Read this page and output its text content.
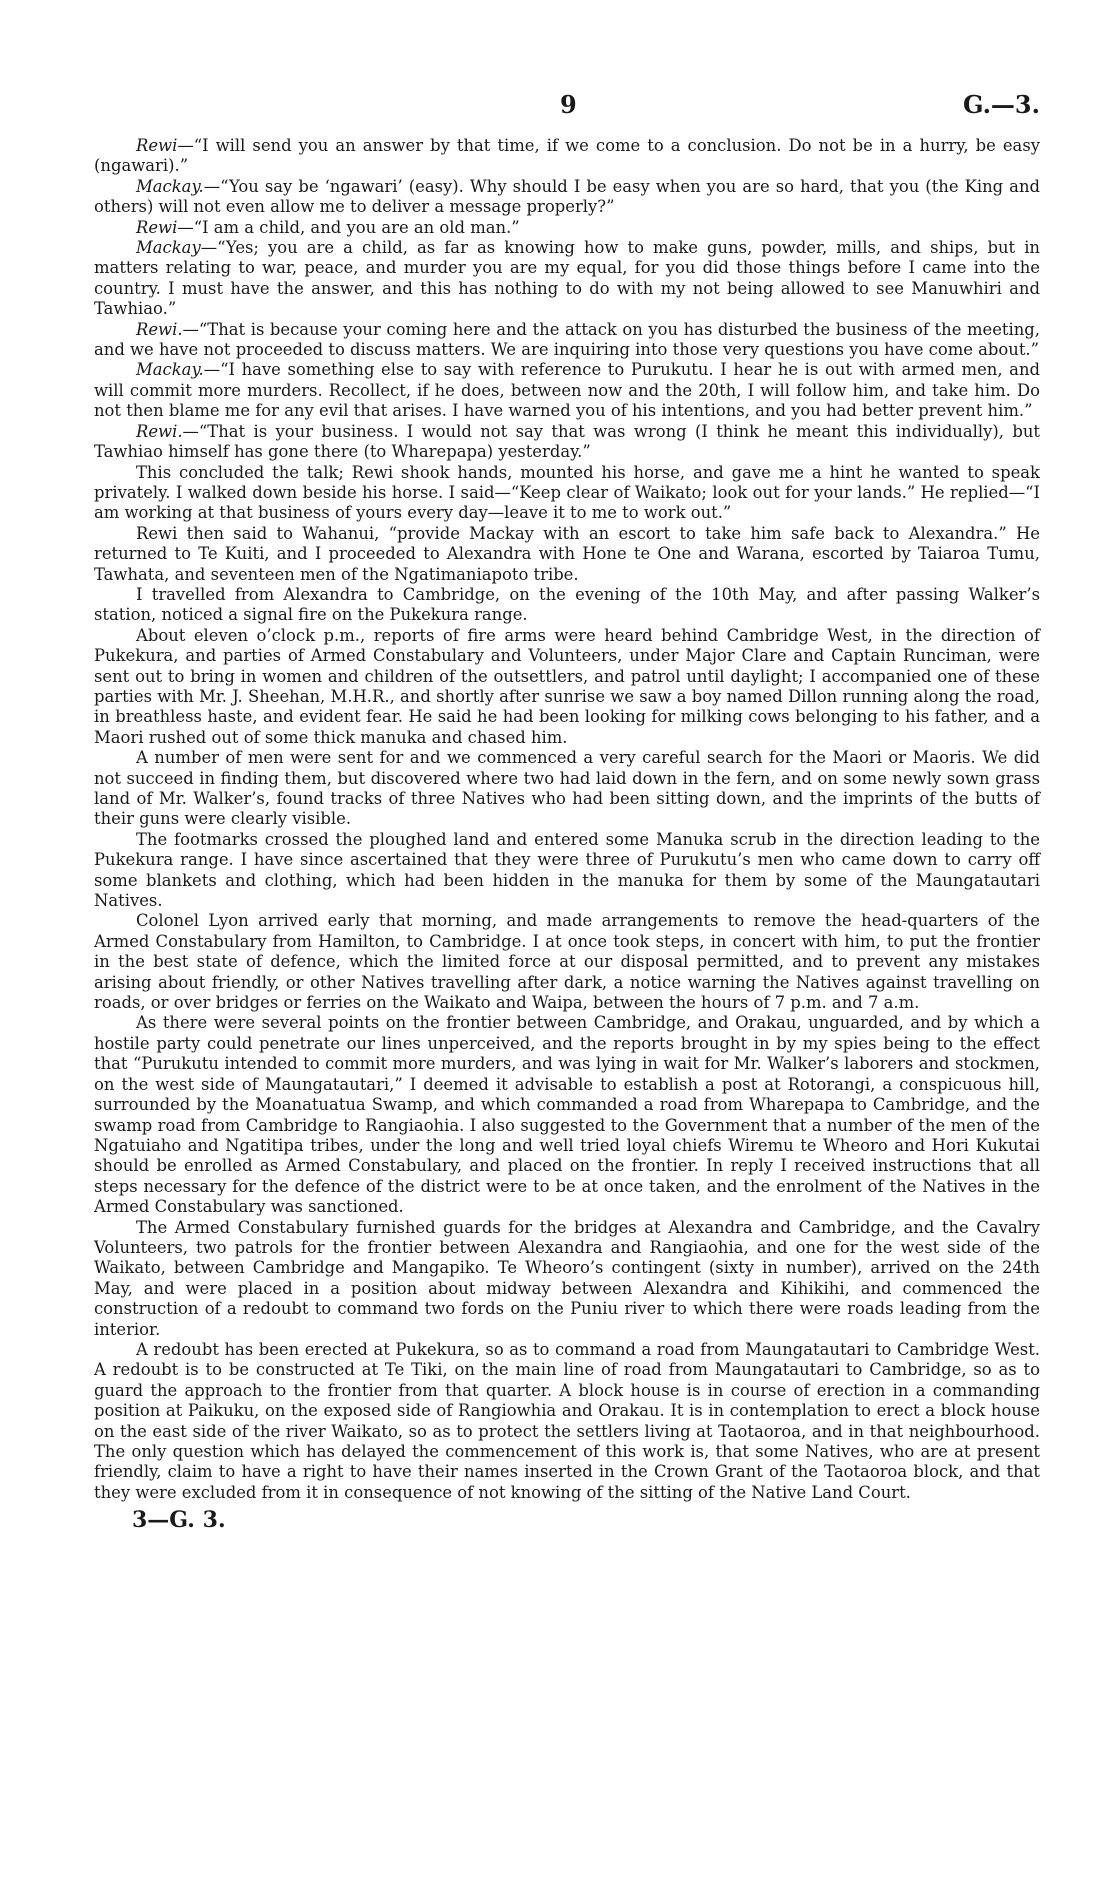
9	G.—3.

Rewi—“I will send you an answer by that time, if we come to a conclusion. Do not be in a hurry, be easy (ngawari).”

Mackay.—“You say be ‘ngawari’ (easy). Why should I be easy when you are so hard, that you (the King and others) will not even allow me to deliver a message properly?”

Rewi—“I am a child, and you are an old man.”

Mackay—“Yes; you are a child, as far as knowing how to make guns, powder, mills, and ships, but in matters relating to war, peace, and murder you are my equal, for you did those things before I came into the country. I must have the answer, and this has nothing to do with my not being allowed to see Manuwhiri and Tawhiao.”

Rewi.—“That is because your coming here and the attack on you has disturbed the business of the meeting, and we have not proceeded to discuss matters. We are inquiring into those very questions you have come about.”

Mackay.—“I have something else to say with reference to Purukutu. I hear he is out with armed men, and will commit more murders. Recollect, if he does, between now and the 20th, I will follow him, and take him. Do not then blame me for any evil that arises. I have warned you of his intentions, and you had better prevent him.”

Rewi.—“That is your business. I would not say that was wrong (I think he meant this individually), but Tawhiao himself has gone there (to Wharepapa) yesterday.”

This concluded the talk; Rewi shook hands, mounted his horse, and gave me a hint he wanted to speak privately. I walked down beside his horse. I said—“Keep clear of Waikato; look out for your lands.” He replied—“I am working at that business of yours every day—leave it to me to work out.”

Rewi then said to Wahanui, “provide Mackay with an escort to take him safe back to Alexandra.” He returned to Te Kuiti, and I proceeded to Alexandra with Hone te One and Warana, escorted by Taiaroa Tumu, Tawhata, and seventeen men of the Ngatimaniapoto tribe.

I travelled from Alexandra to Cambridge, on the evening of the 10th May, and after passing Walker’s station, noticed a signal fire on the Pukekura range.

About eleven o’clock p.m., reports of fire arms were heard behind Cambridge West, in the direction of Pukekura, and parties of Armed Constabulary and Volunteers, under Major Clare and Captain Runciman, were sent out to bring in women and children of the outsettlers, and patrol until daylight; I accompanied one of these parties with Mr. J. Sheehan, M.H.R., and shortly after sunrise we saw a boy named Dillon running along the road, in breathless haste, and evident fear. He said he had been looking for milking cows belonging to his father, and a Maori rushed out of some thick manuka and chased him.

A number of men were sent for and we commenced a very careful search for the Maori or Maoris. We did not succeed in finding them, but discovered where two had laid down in the fern, and on some newly sown grass land of Mr. Walker’s, found tracks of three Natives who had been sitting down, and the imprints of the butts of their guns were clearly visible.

The footmarks crossed the ploughed land and entered some Manuka scrub in the direction leading to the Pukekura range. I have since ascertained that they were three of Purukutu’s men who came down to carry off some blankets and clothing, which had been hidden in the manuka for them by some of the Maungatautari Natives.

Colonel Lyon arrived early that morning, and made arrangements to remove the head-quarters of the Armed Constabulary from Hamilton, to Cambridge. I at once took steps, in concert with him, to put the frontier in the best state of defence, which the limited force at our disposal permitted, and to prevent any mistakes arising about friendly, or other Natives travelling after dark, a notice warning the Natives against travelling on roads, or over bridges or ferries on the Waikato and Waipa, between the hours of 7 p.m. and 7 a.m.

As there were several points on the frontier between Cambridge, and Orakau, unguarded, and by which a hostile party could penetrate our lines unperceived, and the reports brought in by my spies being to the effect that “Purukutu intended to commit more murders, and was lying in wait for Mr. Walker’s laborers and stockmen, on the west side of Maungatautari,” I deemed it advisable to establish a post at Rotorangi, a conspicuous hill, surrounded by the Moanatuatua Swamp, and which commanded a road from Wharepapa to Cambridge, and the swamp road from Cambridge to Rangiaohia. I also suggested to the Government that a number of the men of the Ngatuiaho and Ngatitipa tribes, under the long and well tried loyal chiefs Wiremu te Wheoro and Hori Kukutai should be enrolled as Armed Constabulary, and placed on the frontier. In reply I received instructions that all steps necessary for the defence of the district were to be at once taken, and the enrolment of the Natives in the Armed Constabulary was sanctioned.

The Armed Constabulary furnished guards for the bridges at Alexandra and Cambridge, and the Cavalry Volunteers, two patrols for the frontier between Alexandra and Rangiaohia, and one for the west side of the Waikato, between Cambridge and Mangapiko. Te Wheoro’s contingent (sixty in number), arrived on the 24th May, and were placed in a position about midway between Alexandra and Kihikihi, and commenced the construction of a redoubt to command two fords on the Puniu river to which there were roads leading from the interior.

A redoubt has been erected at Pukekura, so as to command a road from Maungatautari to Cambridge West. A redoubt is to be constructed at Te Tiki, on the main line of road from Maungatautari to Cambridge, so as to guard the approach to the frontier from that quarter. A block house is in course of erection in a commanding position at Paikuku, on the exposed side of Rangiowhia and Orakau. It is in contemplation to erect a block house on the east side of the river Waikato, so as to protect the settlers living at Taotaoroa, and in that neighbourhood. The only question which has delayed the commencement of this work is, that some Natives, who are at present friendly, claim to have a right to have their names inserted in the Crown Grant of the Taotaoroa block, and that they were excluded from it in consequence of not knowing of the sitting of the Native Land Court.

3—G. 3.
